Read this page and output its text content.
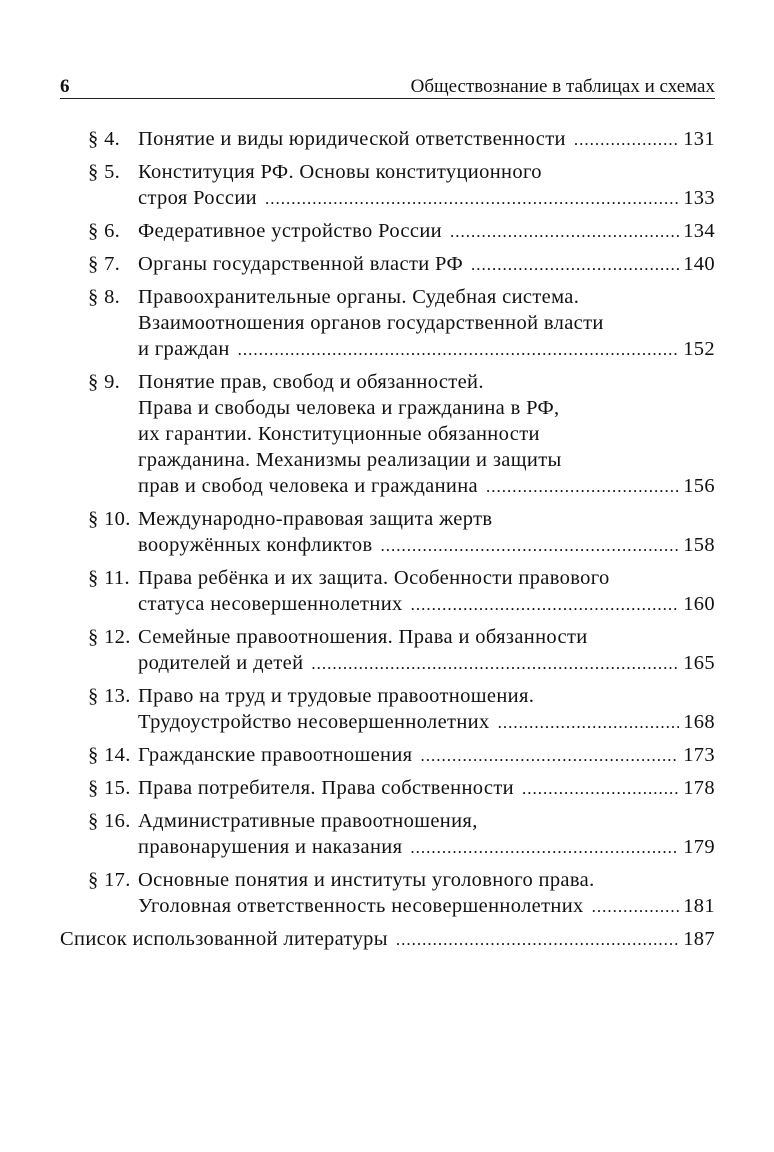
6	Обществознание в таблицах и схемах
§ 4. Понятие и виды юридической ответственности .....	131
§ 5. Конституция РФ. Основы конституционного
строя России .....	133
§ 6. Федеративное устройство России .....	134
§ 7. Органы государственной власти РФ .....	140
§ 8. Правоохранительные органы. Судебная система.
Взаимоотношения органов государственной власти
и граждан .....	152
§ 9. Понятие прав, свобод и обязанностей.
Права и свободы человека и гражданина в РФ,
их гарантии. Конституционные обязанности
гражданина. Механизмы реализации и защиты
прав и свобод человека и гражданина .....	156
§ 10. Международно-правовая защита жертв
вооружённых конфликтов .....	158
§ 11. Права ребёнка и их защита. Особенности правового
статуса несовершеннолетних .....	160
§ 12. Семейные правоотношения. Права и обязанности
родителей и детей .....	165
§ 13. Право на труд и трудовые правоотношения.
Трудоустройство несовершеннолетних .....	168
§ 14. Гражданские правоотношения .....	173
§ 15. Права потребителя. Права собственности .....	178
§ 16. Административные правоотношения,
правонарушения и наказания .....	179
§ 17. Основные понятия и институты уголовного права.
Уголовная ответственность несовершеннолетних .....	181
Список использованной литературы .....	187
